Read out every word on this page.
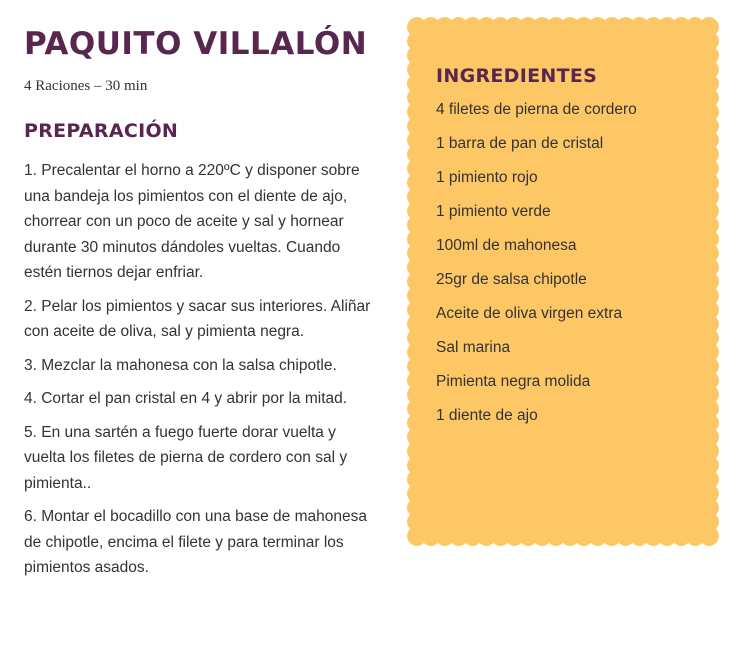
PAQUITO VILLALÓN

4 Raciones – 30 min

PREPARACIÓN
1. Precalentar el horno a 220ºC y disponer sobre una bandeja los pimientos con el diente de ajo, chorrear con un poco de aceite y sal y hornear durante 30 minutos dándoles vueltas. Cuando estén tiernos dejar enfriar.
2. Pelar los pimientos y sacar sus interiores. Aliñar con aceite de oliva, sal y pimienta negra.
3. Mezclar la mahonesa con la salsa chipotle.
4. Cortar el pan cristal en 4 y abrir por la mitad.
5. En una sartén a fuego fuerte dorar vuelta y vuelta los filetes de pierna de cordero con sal y pimienta..
6. Montar el bocadillo con una base de mahonesa de chipotle, encima el filete y para terminar los pimientos asados.
INGREDIENTES
4 filetes de pierna de cordero
1 barra de pan de cristal
1 pimiento rojo
1 pimiento verde
100ml de mahonesa
25gr de salsa chipotle
Aceite de oliva virgen extra
Sal marina
Pimienta negra molida
1 diente de ajo
